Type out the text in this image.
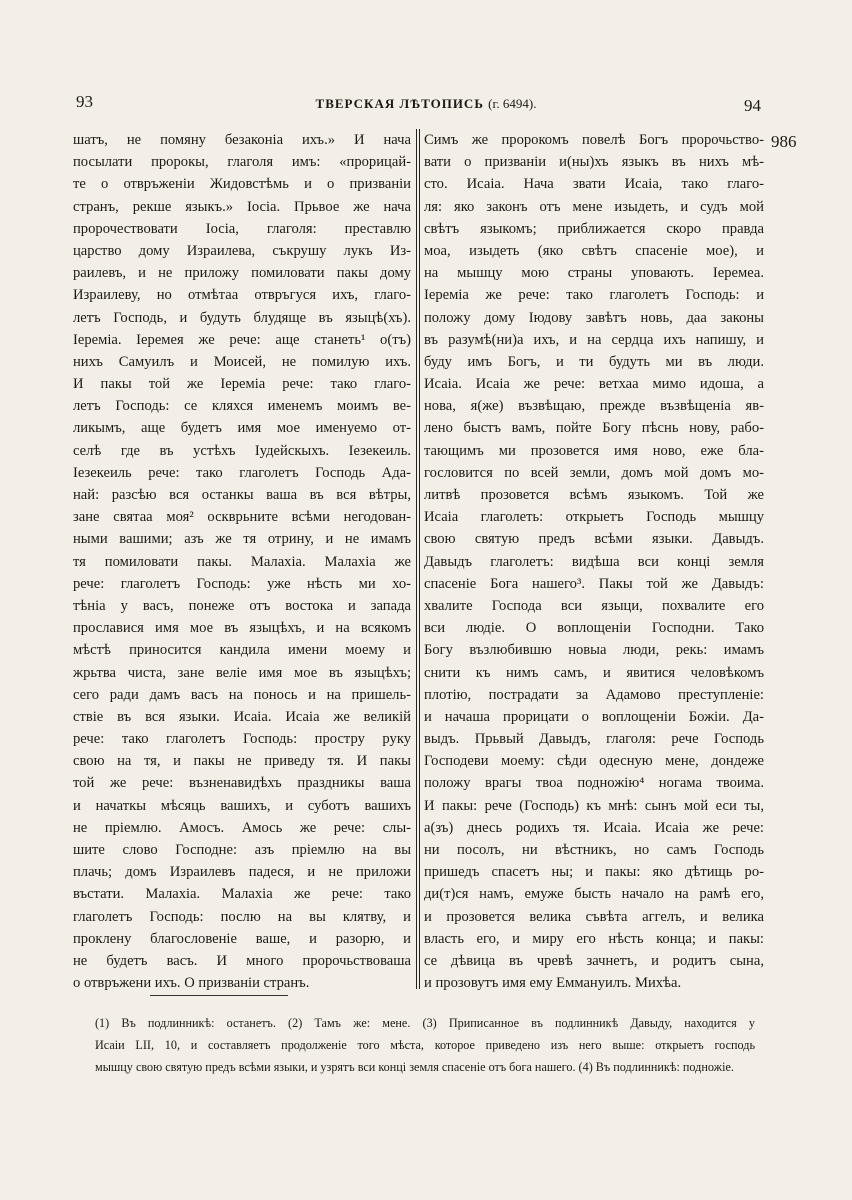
93	ТВЕРСКАЯ ЛѢТОПИСЬ (г. 6494).	94
шатъ, не помяну безаконiа ихъ.» И нача
посылати пророкы, глаголя имъ: «прорицай-
те о отвръженiи Жидовстѣмь и о призванiи
странъ, рекше языкъ.» Iосiа. Прьвое же нача
пророчествовати Iосiа, глаголя: преставлю
царство дому Израилева, съкрушу лукъ Из-
раилевъ, и не приложу помиловати пакы дому
Израилеву, но отмѣтаа отвръгуся ихъ, глаго-
летъ Господь, и будуть блудяще въ языцѣ(хъ).
Iеремiа. Iеремея же рече: аще станеть¹ о(тъ)
нихъ Самуилъ и Моисей, не помилую ихъ.
И пакы той же Iеремiа рече: тако глаго-
летъ Господь: се кляхся именемъ моимъ ве-
ликымъ, аще будетъ имя мое именуемо от-
селѣ где въ устѣхъ Iудейскыхъ. Iезекеиль.
Iезекеиль рече: тако глаголетъ Господь Ада-
най: разсѣю вся останкы ваша въ вся вѣтры,
зане святаа моя² оскврьните всѣми негодован-
ными вашими; азъ же тя отрину, и не имамъ
тя помиловати пакы. Малахiа. Малахiа же
рече: глаголетъ Господь: уже нѣсть ми хо-
тѣнiа у васъ, понеже отъ востока и запада
прославися имя мое въ языцѣхъ, и на всякомъ
мѣстѣ приносится кандила имени моему и
жрьтва чиста, зане велiе имя мое въ языцѣхъ;
сего ради дамъ васъ на понось и на пришель-
ствiе въ вся языки. Исаiа. Исаiа же великiй
рече: тако глаголетъ Господь: простру руку
свою на тя, и пакы не приведу тя. И пакы
той же рече: възненавидѣхъ праздникы ваша
и начаткы мѣсяць вашихъ, и суботъ вашихъ
не прiемлю. Амосъ. Амось же рече: слы-
шите слово Господне: азъ прiемлю на вы
плачь; домъ Израилевъ падеся, и не приложи
въстати. Малахiа. Малахiа же рече: тако
глаголетъ Господь: послю на вы клятву, и
проклену благословенiе ваше, и разорю, и
не будетъ васъ. И много пророчьствоваша
о отвръжени ихъ. О призванiи странъ.
Симъ же пророкомъ повелѣ Богъ пророчьство-
вати о призванiи и(ны)хъ языкъ въ нихъ мѣ-
сто. Исаiа. Нача звати Исаiа, тако глаго-
ля: яко законъ отъ мене изыдеть, и судъ мой
свѣтъ языкомъ; приближается скоро правда
моа, изыдеть (яко свѣтъ спасенiе мое), и
на мышцу мою страны уповають. Iеремеа.
Iеремiа же рече: тако глаголетъ Господь: и
положу дому Iюдову завѣтъ новь, даа законы
въ разумѣ(ни)а ихъ, и на сердца ихъ напишу, и
буду имъ Богъ, и ти будуть ми въ люди.
Исаiа. Исаiа же рече: ветхаа мимо идоша, а
нова, я(же) възвѣщаю, прежде възвѣщенiа яв-
лено быстъ вамъ, пойте Богу пѣснь нову, рабо-
тающимъ ми прозовется имя ново, еже бла-
гословится по всей земли, домъ мой домъ мо-
литвѣ прозовется всѣмъ языкомъ. Той же
Исаiа глаголеть: открыетъ Господь мышцу
свою святую предъ всѣми языки. Давыдъ.
Давыдъ глаголетъ: видѣша вси концi земля
спасенiе Бога нашего³. Пакы той же Давыдъ:
хвалите Господа вси языци, похвалите его
вси людiе. О воплощенiи Господни. Тако
Богу възлюбившю новыа люди, рекь: имамъ
снити къ нимъ самъ, и явитися человѣкомъ
плотiю, пострадати за Адамово преступленiе:
и начаша прорицати о воплощенiи Божiи. Да-
выдъ. Прьвый Давыдъ, глаголя: рече Господь
Господеви моему: сѣди одесную мене, дондеже
положу врагы твоа подножiю⁴ ногама твоима.
И пакы: рече (Господь) къ мнѣ: сынъ мой еси ты,
а(зъ) днесь родихъ тя. Исаiа. Исаiа же рече:
ни посолъ, ни вѣстникъ, но самъ Господь
пришедъ спасетъ ны; и пакы: яко дѣтищь ро-
ди(т)ся намъ, емуже бысть начало на рамѣ его,
и прозовется велика съвѣта аггелъ, и велика
власть его, и миру его нѣсть конца; и пакы:
се дѣвица въ чревѣ зачнетъ, и родитъ сына,
и прозовутъ имя ему Еммануилъ. Михѣа.
986
(1) Въ подлинникѣ: останетъ. (2) Тамъ же: мене. (3) Приписанное въ подлинникѣ Давыду, находится у
Исаiи LII, 10, и составляетъ продолженiе того мѣста, которое приведено изъ него выше: открыетъ господь
мышцу свою святую предъ всѣми языки, и узрятъ вси концi земля спасенiе отъ бога нашего. (4) Въ подлинникѣ: подножiе.
